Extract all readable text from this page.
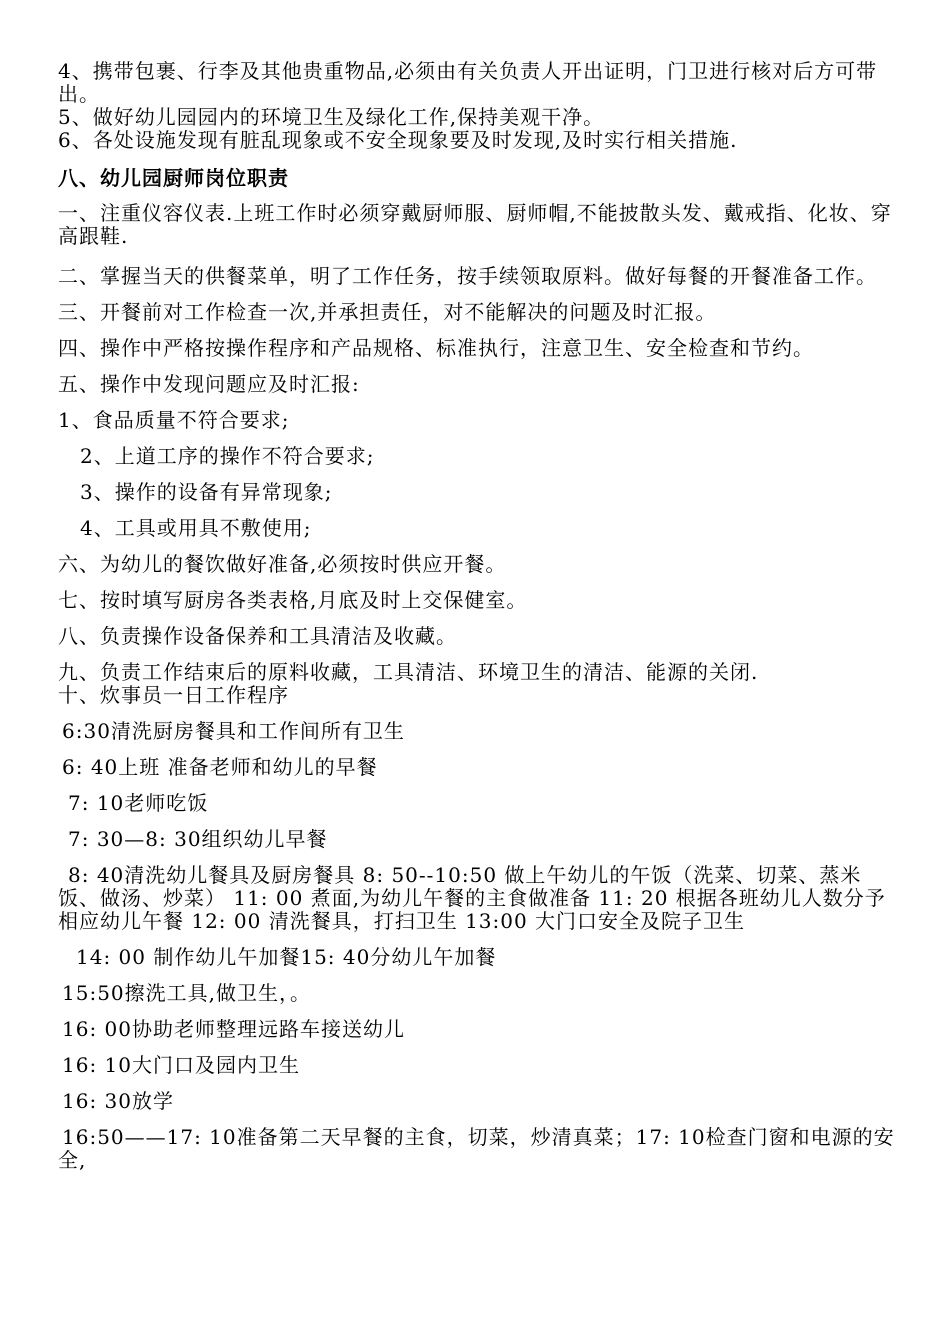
4、携带包裹、行李及其他贵重物品,必须由有关负责人开出证明，门卫进行核对后方可带出。
5、做好幼儿园园内的环境卫生及绿化工作,保持美观干净。
6、各处设施发现有脏乱现象或不安全现象要及时发现,及时实行相关措施.
八、幼儿园厨师岗位职责
一、注重仪容仪表.上班工作时必须穿戴厨师服、厨师帽,不能披散头发、戴戒指、化妆、穿高跟鞋.
二、掌握当天的供餐菜单，明了工作任务，按手续领取原料。做好每餐的开餐准备工作。
三、开餐前对工作检查一次,并承担责任，对不能解决的问题及时汇报。
四、操作中严格按操作程序和产品规格、标准执行，注意卫生、安全检查和节约。
五、操作中发现问题应及时汇报:
1、食品质量不符合要求;
2、上道工序的操作不符合要求;
3、操作的设备有异常现象;
4、工具或用具不敷使用;
六、为幼儿的餐饮做好准备,必须按时供应开餐。
七、按时填写厨房各类表格,月底及时上交保健室。
八、负责操作设备保养和工具清洁及收藏。
九、负责工作结束后的原料收藏，工具清洁、环境卫生的清洁、能源的关闭.
十、炊事员一日工作程序
6:30清洗厨房餐具和工作间所有卫生
6: 40上班 准备老师和幼儿的早餐
7: 10老师吃饭
7: 30—8: 30组织幼儿早餐
8: 40清洗幼儿餐具及厨房餐具 8: 50--10:50 做上午幼儿的午饭（洗菜、切菜、蒸米饭、做汤、炒菜） 11: 00 煮面,为幼儿午餐的主食做准备 11: 20 根据各班幼儿人数分予相应幼儿午餐 12: 00 清洗餐具，打扫卫生 13:00 大门口安全及院子卫生
14: 00 制作幼儿午加餐15: 40分幼儿午加餐
15:50擦洗工具,做卫生，。
16: 00协助老师整理远路车接送幼儿
16: 10大门口及园内卫生
16: 30放学
16:50——17: 10准备第二天早餐的主食，切菜，炒清真菜；17: 10检查门窗和电源的安全,
